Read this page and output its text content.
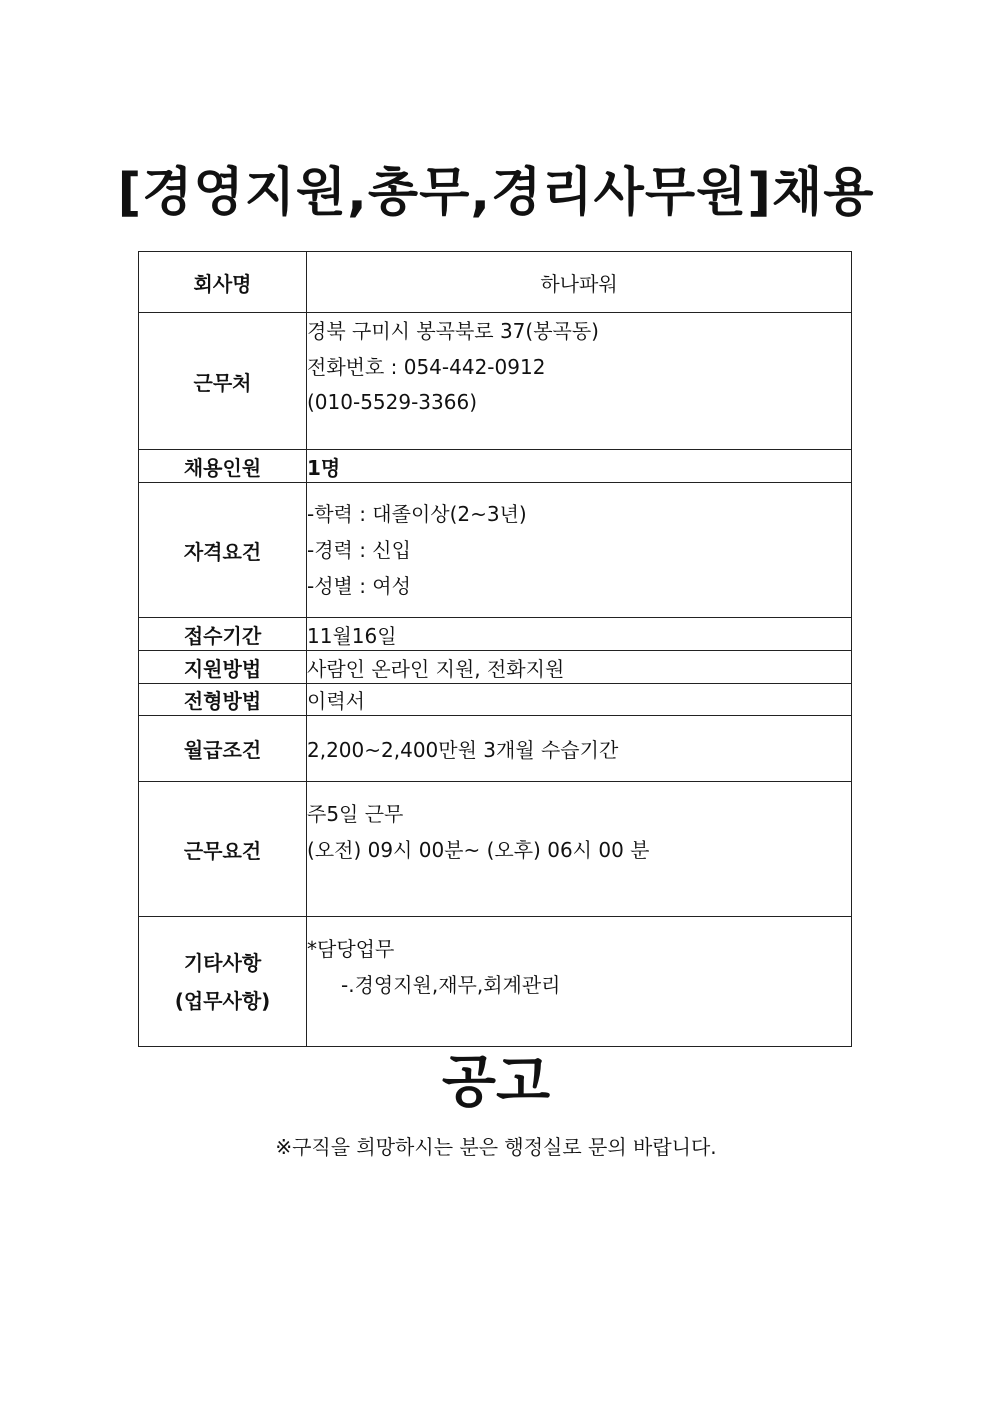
[경영지원,총무,경리사무원]채용
회사명	하나파워
근무처	경북 구미시 봉곡북로 37(봉곡동)
전화번호 : 054-442-0912
(010-5529-3366)

채용인원	1명
자격요건	-학력 : 대졸이상(2~3년)
-경력 : 신입
-성별 : 여성

접수기간	11월16일
지원방법	사람인 온라인 지원, 전화지원
전형방법	이력서
월급조건	2,200~2,400만원 3개월 수습기간
근무요건	주5일 근무
(오전) 09시 00분~ (오후) 06시 00 분

기타사항
(업무사항)	*담당업무
-.경영지원,재무,회계관리
공고
※구직을 희망하시는 분은 행정실로 문의 바랍니다.
